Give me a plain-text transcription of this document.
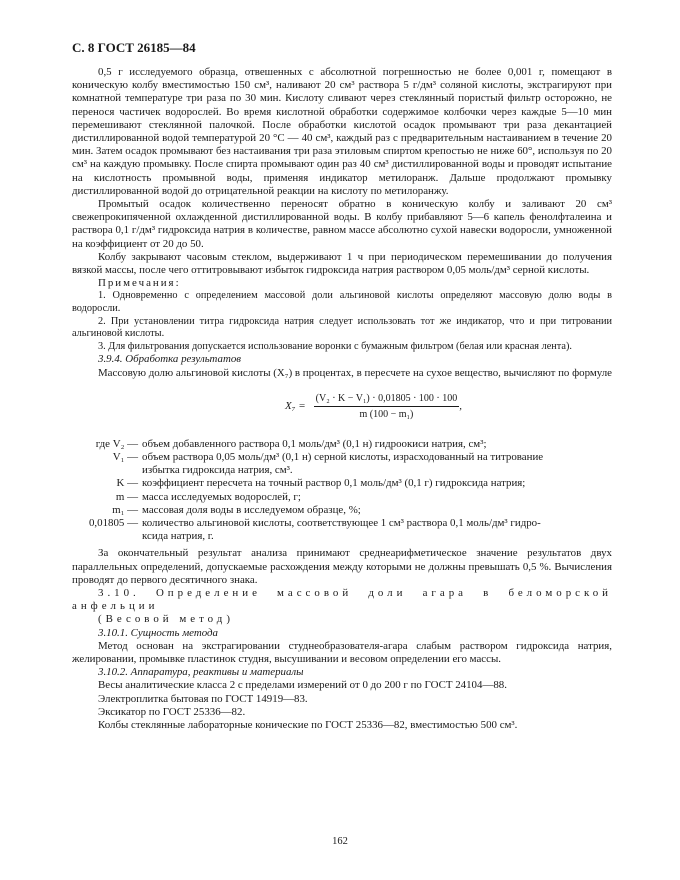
С. 8 ГОСТ 26185—84

0,5 г исследуемого образца, отвешенных с абсолютной погрешностью не более 0,001 г, помещают в коническую колбу вместимостью 150 см³, наливают 20 см³ раствора 5 г/дм³ соляной кислоты, экстрагируют при комнатной температуре три раза по 30 мин. Кислоту сливают через стеклянный пористый фильтр осторожно, не перенося частичек водорослей. Во время кислотной обработки содержимое колбочки через каждые 5—10 мин перемешивают стеклянной палочкой. После обработки кислотой осадок промывают три раза декантацией дистиллированной водой температурой 20 °С — 40 см³, каждый раз с предварительным настаиванием в течение 20 мин. Затем осадок промывают без настаивания три раза этиловым спиртом крепостью не ниже 60°, используя по 20 см³ на каждую промывку. После спирта промывают один раз 40 см³ дистиллированной воды и проводят испытание на кислотность промывной воды, применяя индикатор метилоранж. Дальше продолжают промывку дистиллированной водой до отрицательной реакции на кислоту по метилоранжу.

Промытый осадок количественно переносят обратно в коническую колбу и заливают 20 см³ свежепрокипяченной охлажденной дистиллированной воды. В колбу прибавляют 5—6 капель фенолфталеина и раствора 0,1 г/дм³ гидроксида натрия в количестве, равном массе абсолютно сухой навески водоросли, умноженной на коэффициент от 20 до 50.

Колбу закрывают часовым стеклом, выдерживают 1 ч при периодическом перемешивании до получения вязкой массы, после чего оттитровывают избыток гидроксида натрия раствором 0,05 моль/дм³ серной кислоты.

Примечания:

1. Одновременно с определением массовой доли альгиновой кислоты определяют массовую долю воды в водоросли.

2. При установлении титра гидроксида натрия следует использовать тот же индикатор, что и при титровании альгиновой кислоты.

3. Для фильтрования допускается использование воронки с бумажным фильтром (белая или красная лента).

3.9.4. Обработка результатов

Массовую долю альгиновой кислоты (X₇) в процентах, в пересчете на сухое вещество, вычисляют по формуле

$X_7 = \frac{\text{(V₂ · K − V₁) · 0,01805 · 100 · 100}}{\text{m (100 − m₁)}}$ ,
где V₂ — объем добавленного раствора 0,1 моль/дм³ (0,1 н) гидроокиси натрия, см³;
V₁ — объем раствора 0,05 моль/дм³ (0,1 н) серной кислоты, израсходованный на титрование
избытка гидроксида натрия, см³.
K — коэффициент пересчета на точный раствор 0,1 моль/дм³ (0,1 г) гидроксида натрия;
m — масса исследуемых водорослей, г;
m₁ — массовая доля воды в исследуемом образце, %;
0,01805 — количество альгиновой кислоты, соответствующее 1 см³ раствора 0,1 моль/дм³ гидро-
ксида натрия, г.

За окончательный результат анализа принимают среднеарифметическое значение результатов двух параллельных определений, допускаемые расхождения между которыми не должны превышать 0,5 %. Вычисления проводят до первого десятичного знака.

3.10. Определение массовой доли агара в беломорской анфельции

(Весовой метод)

3.10.1. Сущность метода

Метод основан на экстрагировании студнеобразователя-агара слабым раствором гидроксида натрия, желировании, промывке пластинок студня, высушивании и весовом определении его массы.

3.10.2. Аппаратура, реактивы и материалы

Весы аналитические класса 2 с пределами измерений от 0 до 200 г по ГОСТ 24104—88.

Электроплитка бытовая по ГОСТ 14919—83.

Эксикатор по ГОСТ 25336—82.

Колбы стеклянные лабораторные конические по ГОСТ 25336—82, вместимостью 500 см³.

162
